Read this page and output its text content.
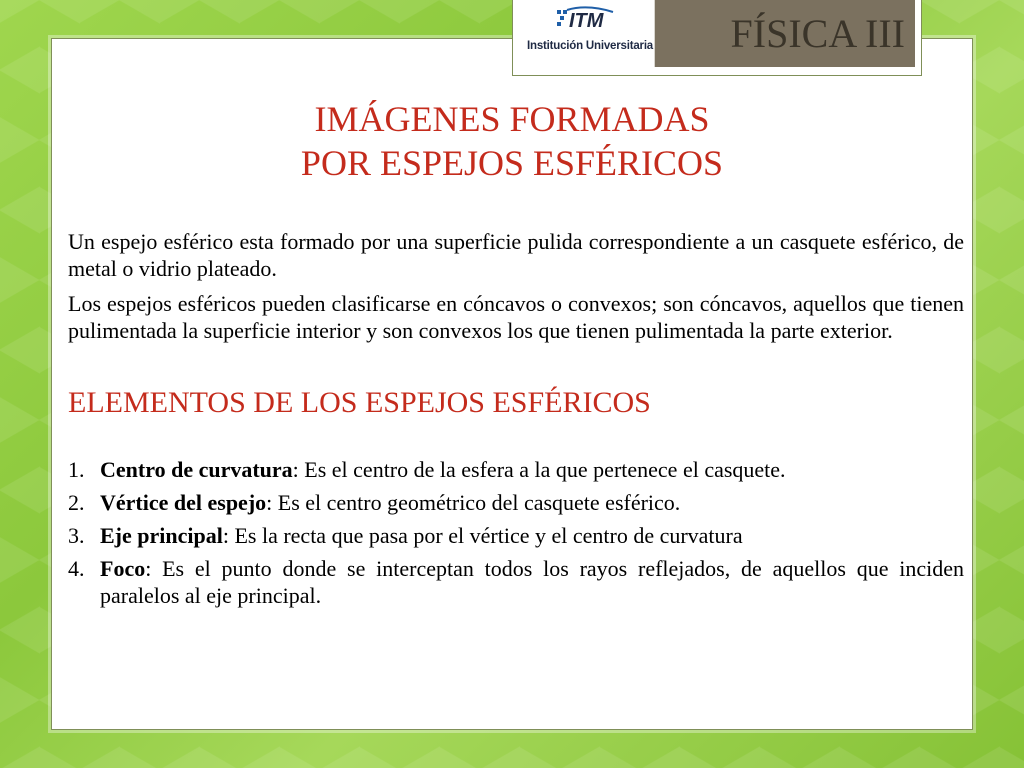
ITM
Institución Universitaria FÍSICA III
IMÁGENES FORMADAS
POR ESPEJOS ESFÉRICOS

Un espejo esférico esta formado por una superficie pulida correspondiente a un casquete esférico, de metal o vidrio plateado.

Los espejos esféricos pueden clasificarse en cóncavos o convexos; son cóncavos, aquellos que tienen pulimentada la superficie interior y son convexos los que tienen pulimentada la parte exterior.

ELEMENTOS DE LOS ESPEJOS ESFÉRICOS
1. Centro de curvatura: Es el centro de la esfera a la que pertenece el casquete.
2. Vértice del espejo: Es el centro geométrico del casquete esférico.
3. Eje principal: Es la recta que pasa por el vértice y el centro de curvatura
4. Foco: Es el punto donde se interceptan todos los rayos reflejados, de aquellos que inciden paralelos al eje principal.
